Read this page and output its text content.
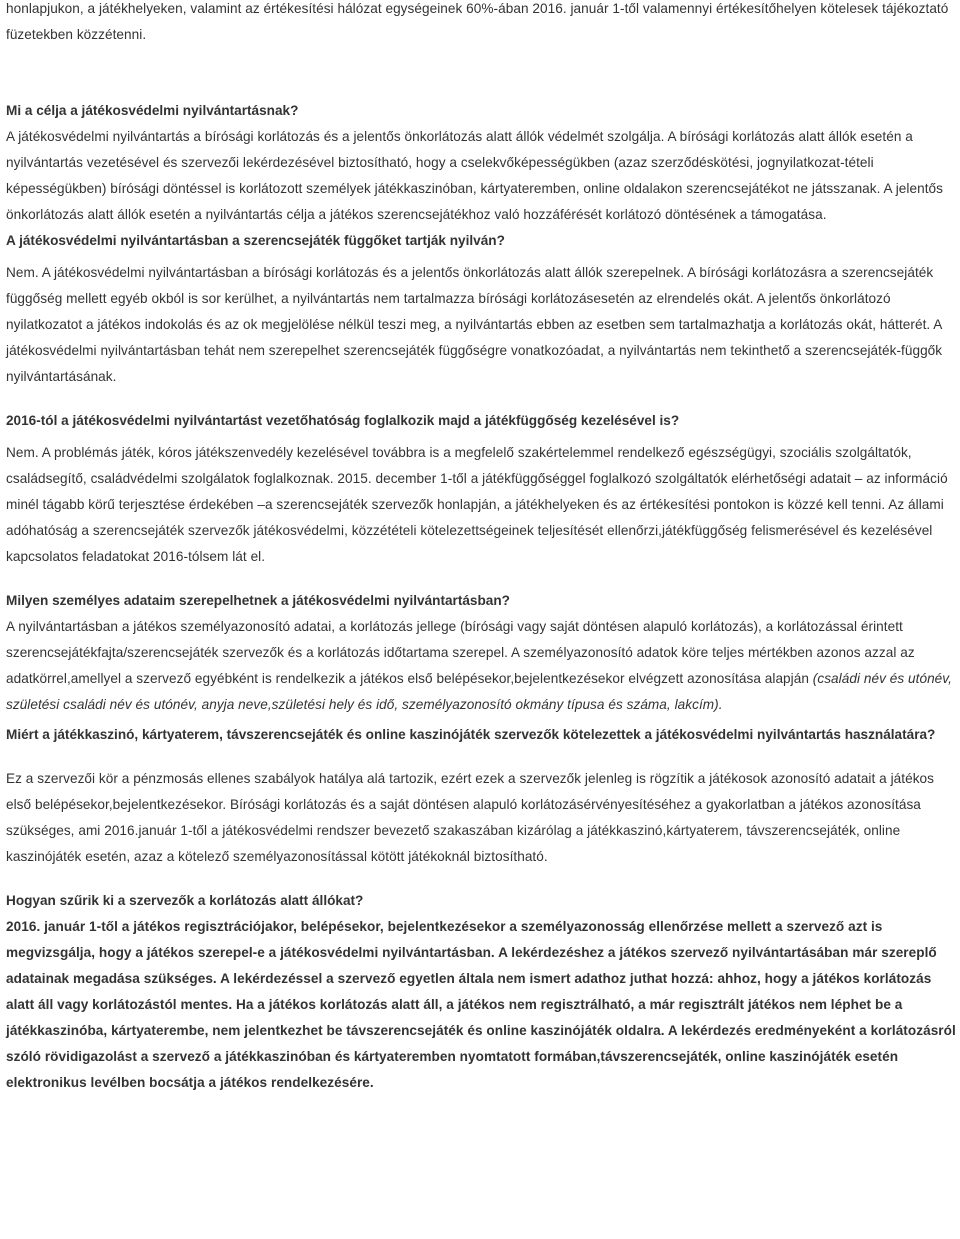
honlapjukon, a játékhelyeken, valamint az értékesítési hálózat egységeinek 60%-ában 2016. január 1-től valamennyi értékesítőhelyen kötelesek tájékoztató füzetekben közzétenni.

Mi a célja a játékosvédelmi nyilvántartásnak?

A játékosvédelmi nyilvántartás a bírósági korlátozás és a jelentős önkorlátozás alatt állók védelmét szolgálja. A bírósági korlátozás alatt állók esetén a nyilvántartás vezetésével és szervezői lekérdezésével biztosítható, hogy a cselekvőképességükben (azaz szerződéskötési, jognyilatkozat-tételi képességükben) bírósági döntéssel is korlátozott személyek játékkaszinóban, kártyateremben, online oldalakon szerencsejátékot ne játsszanak. A jelentős önkorlátozás alatt állók esetén a nyilvántartás célja a játékos szerencsejátékhoz való hozzáférését korlátozó döntésének a támogatása.

A játékosvédelmi nyilvántartásban a szerencsejáték függőket tartják nyilván?

Nem. A játékosvédelmi nyilvántartásban a bírósági korlátozás és a jelentős önkorlátozás alatt állók szerepelnek. A bírósági korlátozásra a szerencsejáték függőség mellett egyéb okból is sor kerülhet, a nyilvántartás nem tartalmazza bírósági korlátozásesetén az elrendelés okát. A jelentős önkorlátozó nyilatkozatot a játékos indokolás és az ok megjelölése nélkül teszi meg, a nyilvántartás ebben az esetben sem tartalmazhatja a korlátozás okát, hátterét. A játékosvédelmi nyilvántartásban tehát nem szerepelhet szerencsejáték függőségre vonatkozóadat, a nyilvántartás nem tekinthető a szerencsejáték-függők nyilvántartásának.

2016-tól a játékosvédelmi nyilvántartást vezetőhatóság foglalkozik majd a játékfüggőség kezelésével is?

Nem. A problémás játék, kóros játékszenvedély kezelésével továbbra is a megfelelő szakértelemmel rendelkező egészségügyi, szociális szolgáltatók, családsegítő, családvédelmi szolgálatok foglalkoznak. 2015. december 1-től a játékfüggőséggel foglalkozó szolgáltatók elérhetőségi adatait – az információ minél tágabb körű terjesztése érdekében –a szerencsejáték szervezők honlapján, a játékhelyeken és az értékesítési pontokon is közzé kell tenni. Az állami adóhatóság a szerencsejáték szervezők játékosvédelmi, közzétételi kötelezettségeinek teljesítését ellenőrzi,játékfüggőség felismerésével és kezelésével kapcsolatos feladatokat 2016-tólsem lát el.

Milyen személyes adataim szerepelhetnek a játékosvédelmi nyilvántartásban?

A nyilvántartásban a játékos személyazonosító adatai, a korlátozás jellege (bírósági vagy saját döntésen alapuló korlátozás), a korlátozással érintett szerencsejátékfajta/szerencsejáték szervezők és a korlátozás időtartama szerepel. A személyazonosító adatok köre teljes mértékben azonos azzal az adatkörrel,amellyel a szervező egyébként is rendelkezik a játékos első belépésekor,bejelentkezésekor elvégzett azonosítása alapján (családi név és utónév, születési családi név és utónév, anyja neve,születési hely és idő, személyazonosító okmány típusa és száma, lakcím).

Miért a játékkaszinó, kártyaterem, távszerencsejáték és online kaszinójáték szervezők kötelezettek a játékosvédelmi nyilvántartás használatára?

Ez a szervezői kör a pénzmosás ellenes szabályok hatálya alá tartozik, ezért ezek a szervezők jelenleg is rögzítik a játékosok azonosító adatait a játékos első belépésekor,bejelentkezésekor. Bírósági korlátozás és a saját döntésen alapuló korlátozásérvényesítéséhez a gyakorlatban a játékos azonosítása szükséges, ami 2016.január 1-től a játékosvédelmi rendszer bevezető szakaszában kizárólag a játékkaszinó,kártyaterem, távszerencsejáték, online kaszinójáték esetén, azaz a kötelező személyazonosítással kötött játékoknál biztosítható.

Hogyan szűrik ki a szervezők a korlátozás alatt állókat?

2016. január 1-től a játékos regisztrációjakor, belépésekor, bejelentkezésekor a személyazonosság ellenőrzése mellett a szervező azt is megvizsgálja, hogy a játékos szerepel-e a játékosvédelmi nyilvántartásban. A lekérdezéshez a játékos szervező nyilvántartásában már szereplő adatainak megadása szükséges. A lekérdezéssel a szervező egyetlen általa nem ismert adathoz juthat hozzá: ahhoz, hogy a játékos korlátozás alatt áll vagy korlátozástól mentes. Ha a játékos korlátozás alatt áll, a játékos nem regisztrálható, a már regisztrált játékos nem léphet be a játékkaszinóba, kártyaterembe, nem jelentkezhet be távszerencsejáték és online kaszinójáték oldalra. A lekérdezés eredményeként a korlátozásról szóló rövidigazolást a szervező a játékkaszinóban és kártyateremben nyomtatott formában,távszerencsejáték, online kaszinójáték esetén elektronikus levélben bocsátja a játékos rendelkezésére.
